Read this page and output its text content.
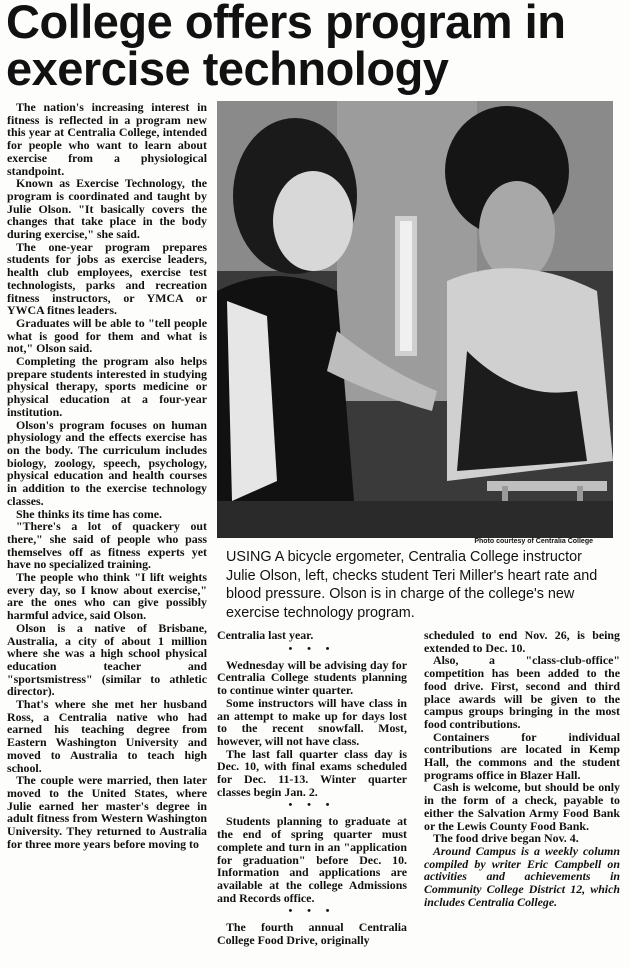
College offers program in exercise technology

The nation's increasing interest in fitness is reflected in a program new this year at Centralia College, intended for people who want to learn about exercise from a physiological standpoint.

Known as Exercise Technology, the program is coordinated and taught by Julie Olson. "It basically covers the changes that take place in the body during exercise," she said.

The one-year program prepares students for jobs as exercise leaders, health club employees, exercise test technologists, parks and recreation fitness instructors, or YMCA or YWCA fitnes leaders.

Graduates will be able to "tell people what is good for them and what is not," Olson said.

Completing the program also helps prepare students interested in studying physical therapy, sports medicine or physical education at a four-year institution.

Olson's program focuses on human physiology and the effects exercise has on the body. The curriculum includes biology, zoology, speech, psychology, physical education and health courses in addition to the exercise technology classes.

She thinks its time has come.

"There's a lot of quackery out there," she said of people who pass themselves off as fitness experts yet have no specialized training.

The people who think "I lift weights every day, so I know about exercise," are the ones who can give possibly harmful advice, said Olson.

Olson is a native of Brisbane, Australia, a city of about 1 million where she was a high school physical education teacher and "sportsmistress" (similar to athletic director).

That's where she met her husband Ross, a Centralia native who had earned his teaching degree from Eastern Washington University and moved to Australia to teach high school.

The couple were married, then later moved to the United States, where Julie earned her master's degree in adult fitness from Western Washington University. They returned to Australia for three more years before moving to

Photo courtesy of Centralia College
USING A bicycle ergometer, Centralia College instructor Julie Olson, left, checks student Teri Miller's heart rate and blood pressure. Olson is in charge of the college's new exercise technology program.

Centralia last year.

• • •

Wednesday will be advising day for Centralia College students planning to continue winter quarter.

Some instructors will have class in an attempt to make up for days lost to the recent snowfall. Most, however, will not have class.

The last fall quarter class day is Dec. 10, with final exams scheduled for Dec. 11-13. Winter quarter classes begin Jan. 2.

• • •

Students planning to graduate at the end of spring quarter must complete and turn in an "application for graduation" before Dec. 10. Information and applications are available at the college Admissions and Records office.

• • •

The fourth annual Centralia College Food Drive, originally

scheduled to end Nov. 26, is being extended to Dec. 10.

Also, a "class-club-office" competition has been added to the food drive. First, second and third place awards will be given to the campus groups bringing in the most food contributions.

Containers for individual contributions are located in Kemp Hall, the commons and the student programs office in Blazer Hall.

Cash is welcome, but should be only in the form of a check, payable to either the Salvation Army Food Bank or the Lewis County Food Bank.

The food drive began Nov. 4.

Around Campus is a weekly column compiled by writer Eric Campbell on activities and achievements in Community College District 12, which includes Centralia College.
